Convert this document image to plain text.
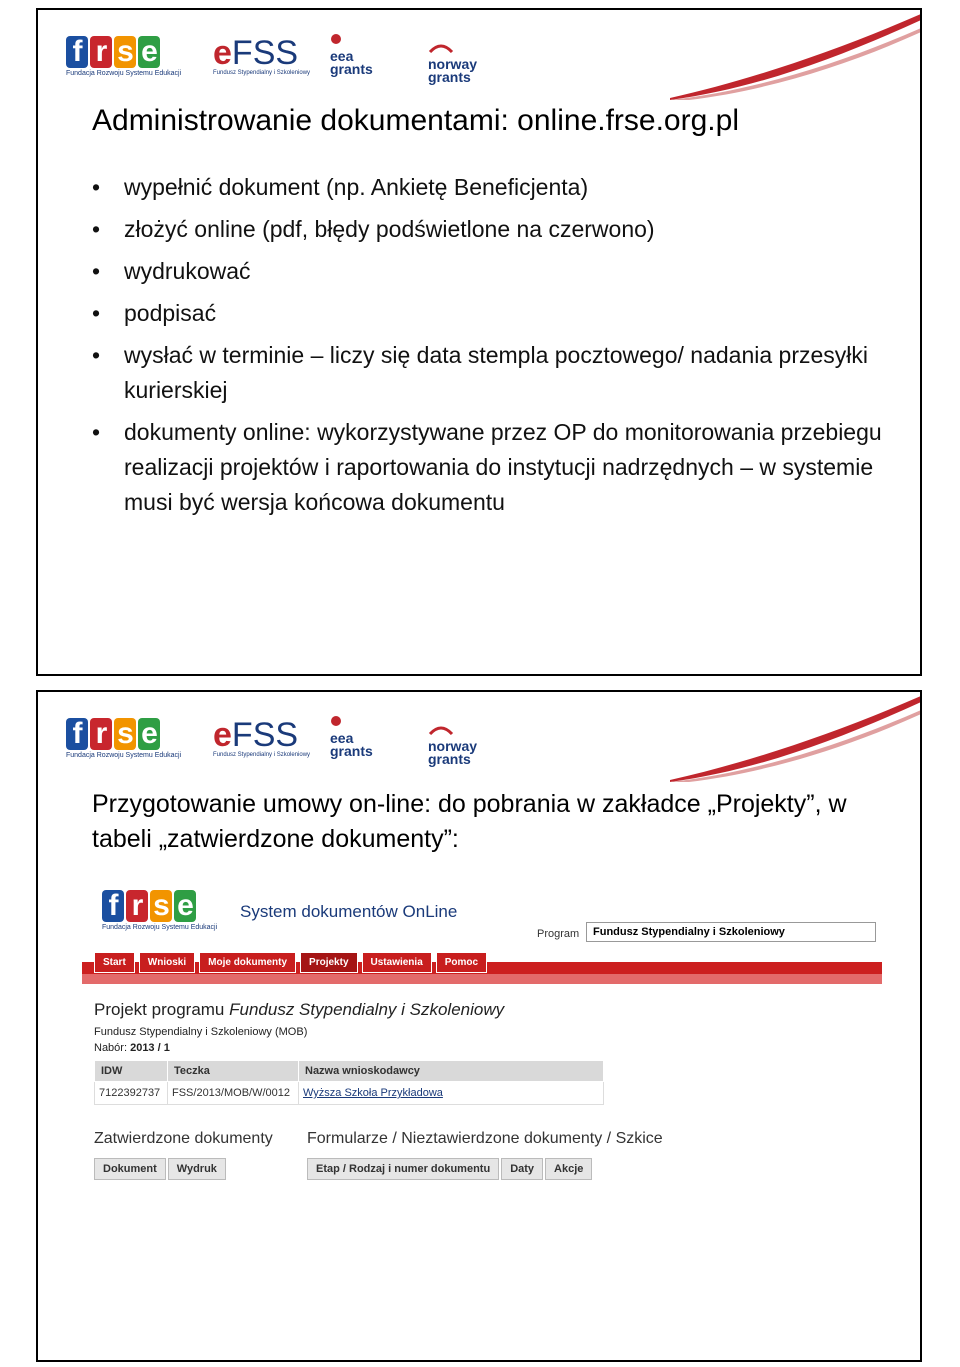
f r s e
Fundacja Rozwoju Systemu Edukacji
eFSS
Fundusz Stypendialny i Szkoleniowy
eea
grants	norway
grants
Administrowanie dokumentami: online.frse.org.pl
• wypełnić dokument (np. Ankietę Beneficjenta)
• złożyć online (pdf, błędy podświetlone na czerwono)
• wydrukować
• podpisać
• wysłać w terminie – liczy się data stempla pocztowego/ nadania przesyłki kurierskiej
• dokumenty online: wykorzystywane przez OP do monitorowania przebiegu realizacji projektów i raportowania do instytucji nadrzędnych – w systemie musi być wersja końcowa dokumentu
f r s e
Fundacja Rozwoju Systemu Edukacji
eFSS
Fundusz Stypendialny i Szkoleniowy
eea
grants	norway
grants
Przygotowanie umowy on-line: do pobrania w zakładce „Projekty”, w tabeli „zatwierdzone dokumenty”:
f r s e
Fundacja Rozwoju Systemu Edukacji
System dokumentów OnLine
Program	Fundusz Stypendialny i Szkoleniowy
Start	Wnioski	Moje dokumenty	Projekty	Ustawienia	Pomoc
Projekt programu Fundusz Stypendialny i Szkoleniowy
Fundusz Stypendialny i Szkoleniowy (MOB)
Nabór: 2013 / 1
IDW	Teczka	Nazwa wnioskodawcy
7122392737	FSS/2013/MOB/W/0012	Wyższa Szkoła Przykładowa
Zatwierdzone dokumenty
Dokument	Wydruk
Formularze / Nieztawierdzone dokumenty / Szkice
Etap / Rodzaj i numer dokumentu	Daty	Akcje
